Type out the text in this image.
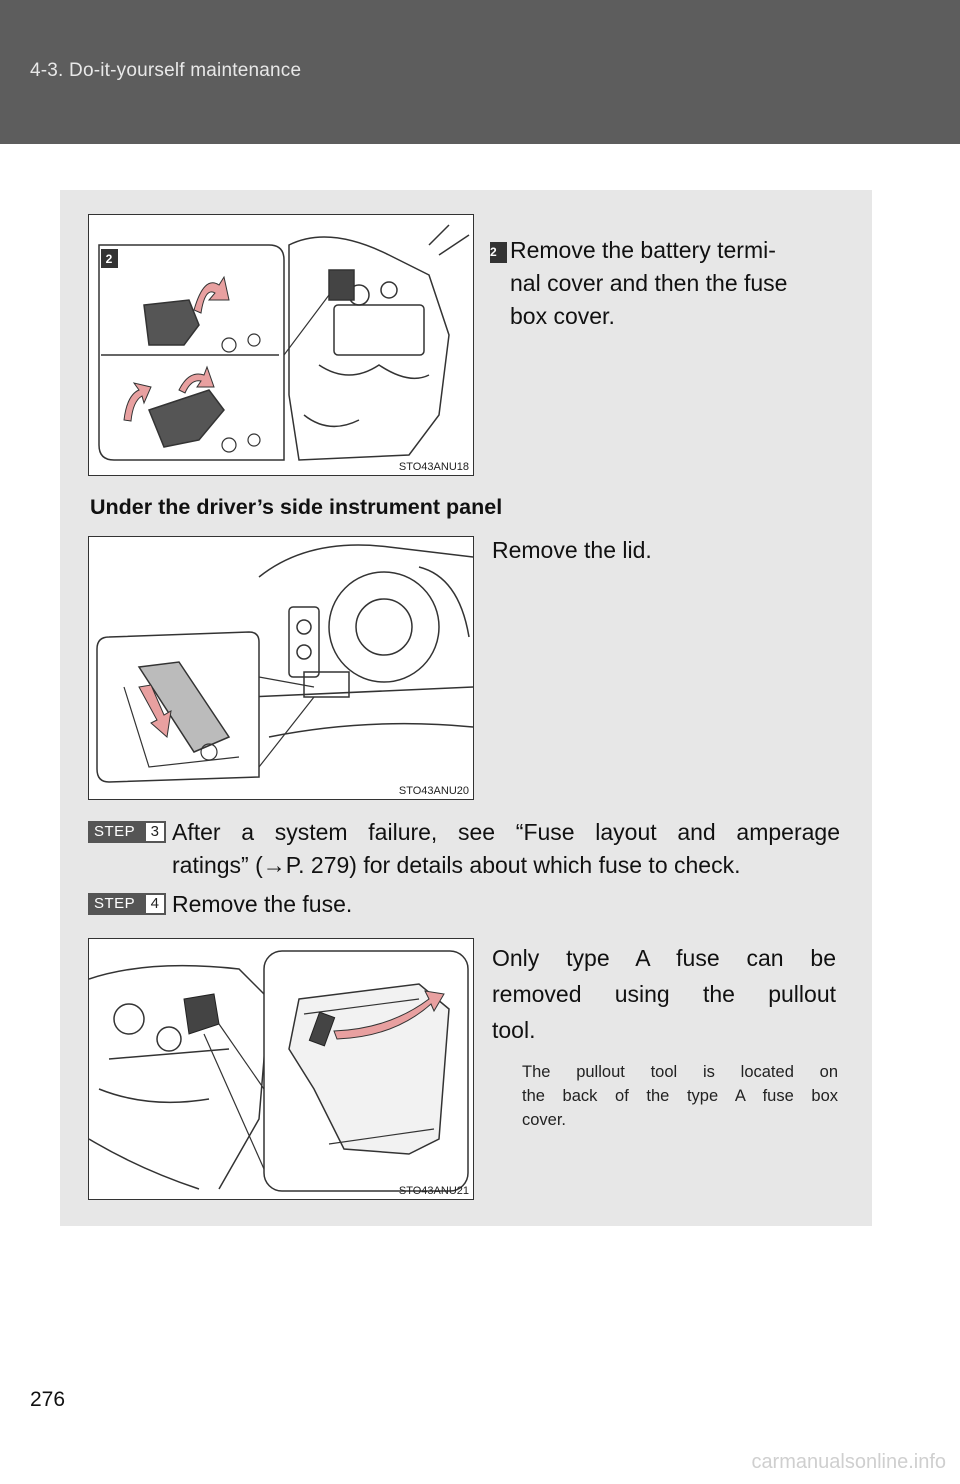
4-3. Do-it-yourself maintenance
2
STO43ANU18
2 Remove the battery termi-
nal cover and then the fuse
box cover.
Under the driver’s side instrument panel
STO43ANU20
Remove the lid.
STEP	3 After a system failure, see “Fuse layout and amperage
ratings” (→P. 279) for details about which fuse to check.
STEP	4 Remove the fuse.
STO43ANU21
Only type A fuse can be
removed using the pullout
tool.
The pullout tool is located on
the back of the type A fuse box
cover.
276
carmanualsonline.info
